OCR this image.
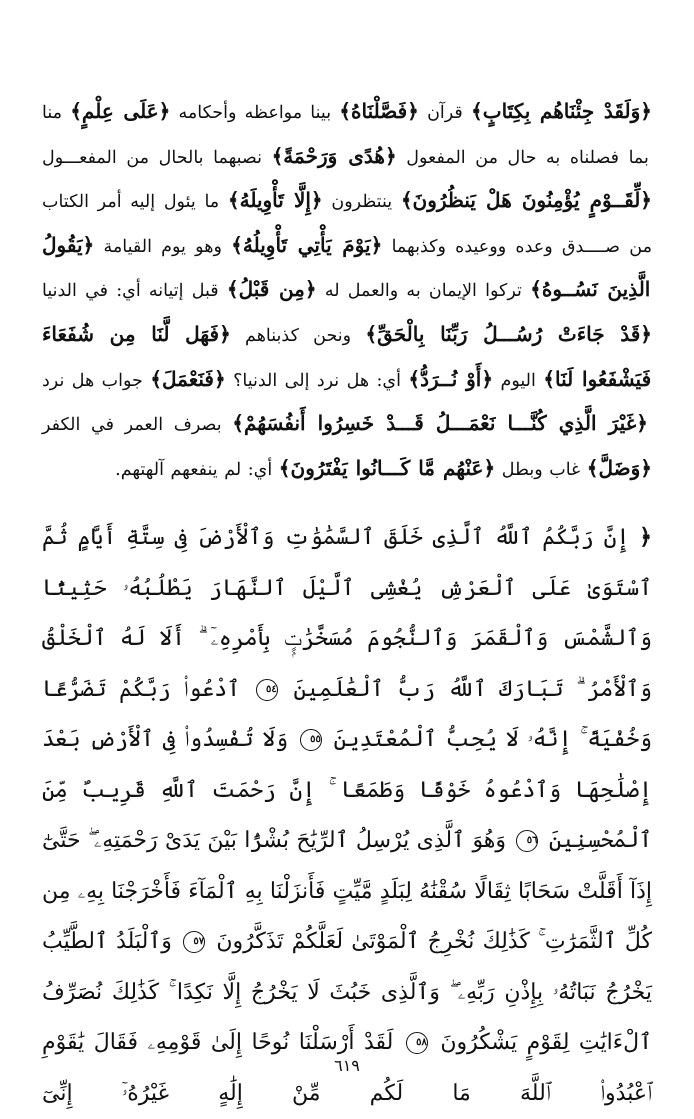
﴿وَلَقَدْ جِئْنَاهُم بِكِتَابٍ﴾ قرآن ﴿فَصَّلْنَاهُ﴾ بينا مواعظه وأحكامه ﴿عَلَى عِلْمٍ﴾ منا بما فصلناه به حال من المفعول ﴿هُدًى وَرَحْمَةً﴾ نصبهما بالحال من المفعـــول ﴿لِّقَــوْمٍ يُؤْمِنُونَ هَلْ يَنظُرُونَ﴾ ينتظرون ﴿إِلَّا تَأْوِيلَهُ﴾ ما يئول إليه أمر الكتاب من صــــدق وعده ووعيده وكذبهما ﴿يَوْمَ يَأْتِي تَأْوِيلُهُ﴾ وهو يوم القيامة ﴿يَقُولُ الَّذِينَ نَسُــوهُ﴾ تركوا الإيمان به والعمل له ﴿مِن قَبْلُ﴾ قبل إتيانه أي: في الدنيا ﴿قَدْ جَاءَتْ رُسُـــلُ رَبِّنَا بِالْحَقِّ﴾ ونحن كذبناهم ﴿فَهَل لَّنَا مِن شُفَعَاءَ فَيَشْفَعُوا لَنَا﴾ اليوم ﴿أَوْ نُــرَدُّ﴾ أي: هل نرد إلى الدنيا؟ ﴿فَنَعْمَلَ﴾ جواب هل نرد ﴿غَيْرَ الَّذِي كُنَّـــا نَعْمَـــلُ قَـــدْ خَسِرُوا أَنفُسَهُمْ﴾ بصرف العمر في الكفر ﴿وَضَلَّ﴾ غاب وبطل ﴿عَنْهُم مَّا كَـــانُوا يَفْتَرُونَ﴾ أي: لم ينفعهم آلهتهم.
﴿ إِنَّ رَبَّكُمُ ٱللَّهُ ٱلَّذِى خَلَقَ ٱلسَّمَٰوَٰتِ وَٱلْأَرْضَ فِى سِتَّةِ أَيَّامٍ ثُمَّ ٱسْتَوَىٰ عَلَى ٱلْعَرْشِ يُغْشِى ٱلَّيْلَ ٱلنَّهَارَ يَطْلُبُهُۥ حَثِيثًا وَٱلشَّمْسَ وَٱلْقَمَرَ وَٱلنُّجُومَ مُسَخَّرَٰتٍۭ بِأَمْرِهِۦٓ ۗ أَلَا لَهُ ٱلْخَلْقُ وَٱلْأَمْرُ ۗ تَبَارَكَ ٱللَّهُ رَبُّ ٱلْعَٰلَمِينَ ٥٤ ٱدْعُوا۟ رَبَّكُمْ تَضَرُّعًا وَخُفْيَةً ۚ إِنَّهُۥ لَا يُحِبُّ ٱلْمُعْتَدِينَ ٥٥ وَلَا تُفْسِدُوا۟ فِى ٱلْأَرْضِ بَعْدَ إِصْلَٰحِهَا وَٱدْعُوهُ خَوْفًا وَطَمَعًا ۚ إِنَّ رَحْمَتَ ٱللَّهِ قَرِيبٌ مِّنَ ٱلْمُحْسِنِينَ ٥٦ وَهُوَ ٱلَّذِى يُرْسِلُ ٱلرِّيَٰحَ بُشْرًۢا بَيْنَ يَدَىْ رَحْمَتِهِۦ ۖ حَتَّىٰٓ إِذَآ أَقَلَّتْ سَحَابًا ثِقَالًا سُقْنَٰهُ لِبَلَدٍ مَّيِّتٍ فَأَنزَلْنَا بِهِ ٱلْمَآءَ فَأَخْرَجْنَا بِهِۦ مِن كُلِّ ٱلثَّمَرَٰتِ ۚ كَذَٰلِكَ نُخْرِجُ ٱلْمَوْتَىٰ لَعَلَّكُمْ تَذَكَّرُونَ ٥٧ وَٱلْبَلَدُ ٱلطَّيِّبُ يَخْرُجُ نَبَاتُهُۥ بِإِذْنِ رَبِّهِۦ ۖ وَٱلَّذِى خَبُثَ لَا يَخْرُجُ إِلَّا نَكِدًا ۚ كَذَٰلِكَ نُصَرِّفُ ٱلْءَايَٰتِ لِقَوْمٍ يَشْكُرُونَ ٥٨ لَقَدْ أَرْسَلْنَا نُوحًا إِلَىٰ قَوْمِهِۦ فَقَالَ يَٰقَوْمِ ٱعْبُدُوا۟ ٱللَّهَ مَا لَكُم مِّنْ إِلَٰهٍ غَيْرُهُۥٓ إِنِّىٓ
٦١٩
